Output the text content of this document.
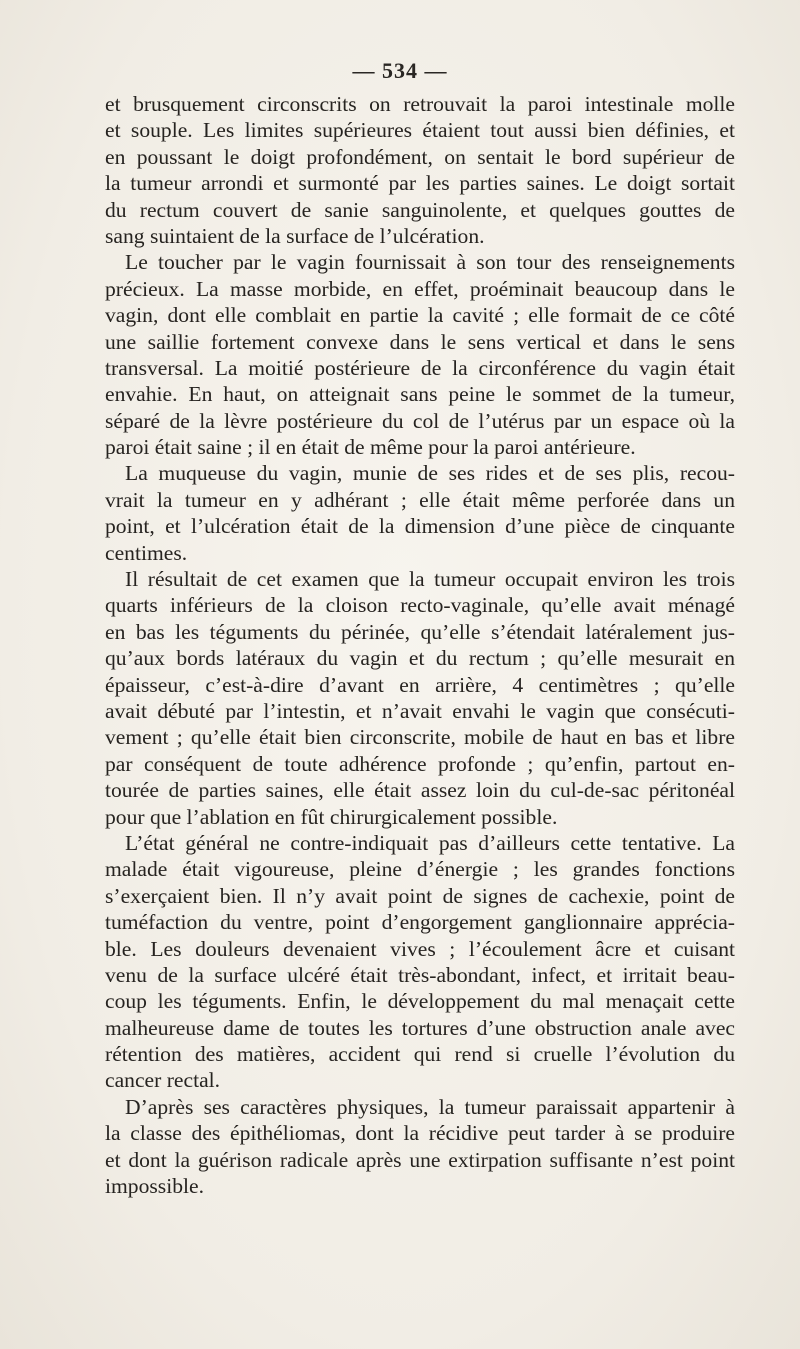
— 534 —
et brusquement circonscrits on retrouvait la paroi intestinale molle
et souple. Les limites supérieures étaient tout aussi bien définies, et
en poussant le doigt profondément, on sentait le bord supérieur de
la tumeur arrondi et surmonté par les parties saines. Le doigt sortait
du rectum couvert de sanie sanguinolente, et quelques gouttes de
sang suintaient de la surface de l’ulcération.
Le toucher par le vagin fournissait à son tour des renseignements
précieux. La masse morbide, en effet, proéminait beaucoup dans le
vagin, dont elle comblait en partie la cavité ; elle formait de ce côté
une saillie fortement convexe dans le sens vertical et dans le sens
transversal. La moitié postérieure de la circonférence du vagin était
envahie. En haut, on atteignait sans peine le sommet de la tumeur,
séparé de la lèvre postérieure du col de l’utérus par un espace où la
paroi était saine ; il en était de même pour la paroi antérieure.
La muqueuse du vagin, munie de ses rides et de ses plis, recou-
vrait la tumeur en y adhérant ; elle était même perforée dans un
point, et l’ulcération était de la dimension d’une pièce de cinquante
centimes.
Il résultait de cet examen que la tumeur occupait environ les trois
quarts inférieurs de la cloison recto-vaginale, qu’elle avait ménagé
en bas les téguments du périnée, qu’elle s’étendait latéralement jus-
qu’aux bords latéraux du vagin et du rectum ; qu’elle mesurait en
épaisseur, c’est-à-dire d’avant en arrière, 4 centimètres ; qu’elle
avait débuté par l’intestin, et n’avait envahi le vagin que consécuti-
vement ; qu’elle était bien circonscrite, mobile de haut en bas et libre
par conséquent de toute adhérence profonde ; qu’enfin, partout en-
tourée de parties saines, elle était assez loin du cul-de-sac péritonéal
pour que l’ablation en fût chirurgicalement possible.
L’état général ne contre-indiquait pas d’ailleurs cette tentative. La
malade était vigoureuse, pleine d’énergie ; les grandes fonctions
s’exerçaient bien. Il n’y avait point de signes de cachexie, point de
tuméfaction du ventre, point d’engorgement ganglionnaire apprécia-
ble. Les douleurs devenaient vives ; l’écoulement âcre et cuisant
venu de la surface ulcéré était très-abondant, infect, et irritait beau-
coup les téguments. Enfin, le développement du mal menaçait cette
malheureuse dame de toutes les tortures d’une obstruction anale avec
rétention des matières, accident qui rend si cruelle l’évolution du
cancer rectal.
D’après ses caractères physiques, la tumeur paraissait appartenir à
la classe des épithéliomas, dont la récidive peut tarder à se produire
et dont la guérison radicale après une extirpation suffisante n’est point
impossible.
